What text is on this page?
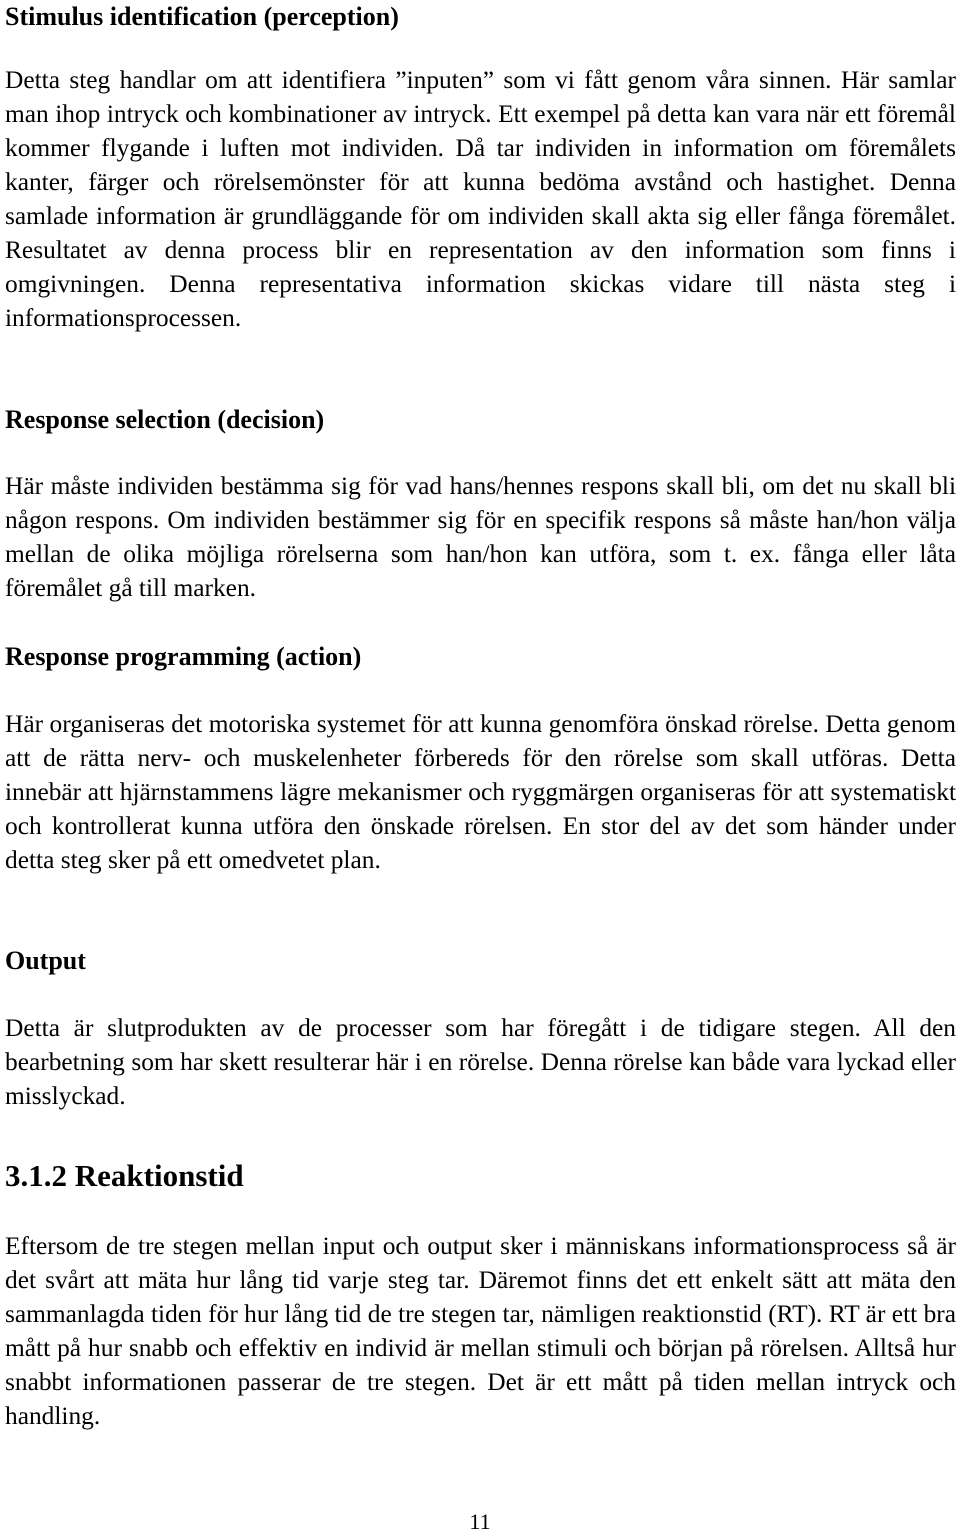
Stimulus identification (perception)

Detta steg handlar om att identifiera ”inputen” som vi fått genom våra sinnen. Här samlar man ihop intryck och kombinationer av intryck. Ett exempel på detta kan vara när ett föremål kommer flygande i luften mot individen. Då tar individen in information om föremålets kanter, färger och rörelsemönster för att kunna bedöma avstånd och hastighet. Denna samlade information är grundläggande för om individen skall akta sig eller fånga föremålet. Resultatet av denna process blir en representation av den information som finns i omgivningen. Denna representativa information skickas vidare till nästa steg i informationsprocessen.

Response selection (decision)

Här måste individen bestämma sig för vad hans/hennes respons skall bli, om det nu skall bli någon respons. Om individen bestämmer sig för en specifik respons så måste han/hon välja mellan de olika möjliga rörelserna som han/hon kan utföra, som t. ex. fånga eller låta föremålet gå till marken.

Response programming (action)

Här organiseras det motoriska systemet för att kunna genomföra önskad rörelse. Detta genom att de rätta nerv- och muskelenheter förbereds för den rörelse som skall utföras. Detta innebär att hjärnstammens lägre mekanismer och ryggmärgen organiseras för att systematiskt och kontrollerat kunna utföra den önskade rörelsen. En stor del av det som händer under detta steg sker på ett omedvetet plan.

Output

Detta är slutprodukten av de processer som har föregått i de tidigare stegen. All den bearbetning som har skett resulterar här i en rörelse. Denna rörelse kan både vara lyckad eller misslyckad.

3.1.2 Reaktionstid

Eftersom de tre stegen mellan input och output sker i människans informationsprocess så är det svårt att mäta hur lång tid varje steg tar. Däremot finns det ett enkelt sätt att mäta den sammanlagda tiden för hur lång tid de tre stegen tar, nämligen reaktionstid (RT). RT är ett bra mått på hur snabb och effektiv en individ är mellan stimuli och början på rörelsen. Alltså hur snabbt informationen passerar de tre stegen. Det är ett mått på tiden mellan intryck och handling.

11
